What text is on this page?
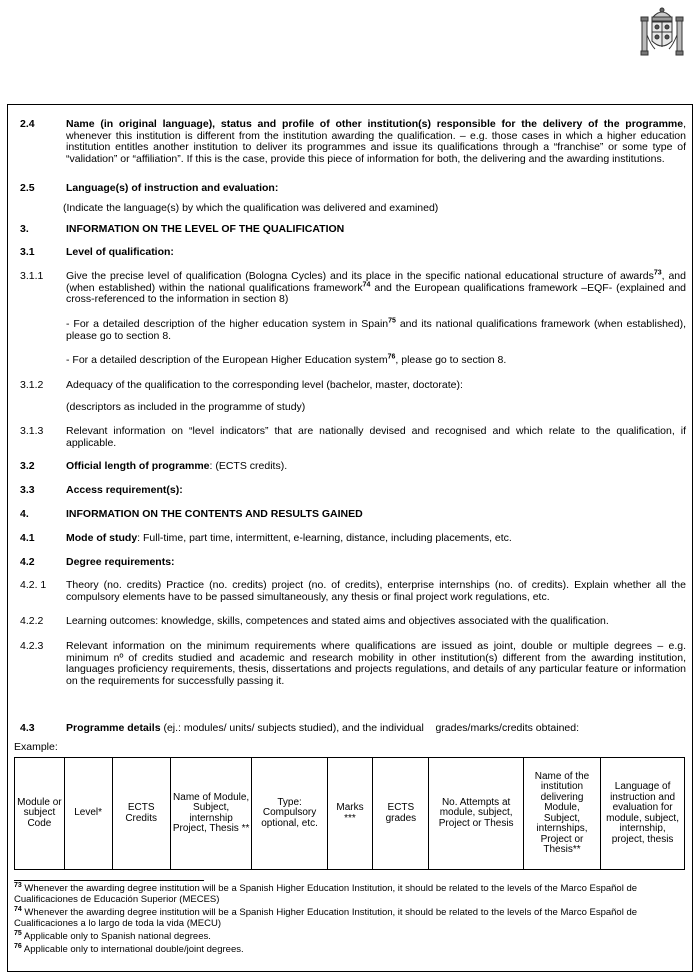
2.4	Name (in original language), status and profile of other institution(s) responsible for the delivery of the programme, whenever this institution is different from the institution awarding the qualification. – e.g. those cases in which a higher education institution entitles another institution to deliver its programmes and issue its qualifications through a “franchise” or some type of “validation” or “affiliation”. If this is the case, provide this piece of information for both, the delivering and the awarding institutions.
2.5	Language(s) of instruction and evaluation:
(Indicate the language(s) by which the qualification was delivered and examined)
3.	INFORMATION ON THE LEVEL OF THE QUALIFICATION
3.1	Level of qualification:
3.1.1	Give the precise level of qualification (Bologna Cycles) and its place in the specific national educational structure of awards$^{73}$, and (when established) within the national qualifications framework$^{74}$ and the European qualifications framework –EQF- (explained and cross-referenced to the information in section 8)
- For a detailed description of the higher education system in Spain$^{75}$ and its national qualifications framework (when established), please go to section 8.
- For a detailed description of the European Higher Education system$^{76}$, please go to section 8.
3.1.2	Adequacy of the qualification to the corresponding level (bachelor, master, doctorate):
(descriptors as included in the programme of study)
3.1.3	Relevant information on “level indicators” that are nationally devised and recognised and which relate to the qualification, if applicable.
3.2	Official length of programme: (ECTS credits).
3.3	Access requirement(s):
4.	INFORMATION ON THE CONTENTS AND RESULTS GAINED
4.1	Mode of study: Full-time, part time, intermittent, e-learning, distance, including placements, etc.
4.2	Degree requirements:
4.2. 1	Theory (no. credits) Practice (no. credits) project (no. of credits), enterprise internships (no. of credits). Explain whether all the compulsory elements have to be passed simultaneously, any thesis or final project work regulations, etc.
4.2.2	Learning outcomes: knowledge, skills, competences and stated aims and objectives associated with the qualification.
4.2.3	Relevant information on the minimum requirements where qualifications are issued as joint, double or multiple degrees – e.g. minimum nº of credits studied and academic and research mobility in other institution(s) different from the awarding institution, languages proficiency requirements, thesis, dissertations and projects regulations, and details of any particular feature or information on the requirements for successfully passing it.
4.3	Programme details (ej.: modules/ units/ subjects studied), and the individual    grades/marks/credits obtained:
Example:
Module or subject Code	Level*	ECTS Credits	Name of Module, Subject, internship Project, Thesis **	Type: Compulsory optional, etc.	Marks ***	ECTS grades	No. Attempts at module, subject, Project or Thesis	Name of the institution delivering Module, Subject, internships, Project or Thesis**	Language of instruction and evaluation for module, subject, internship, project, thesis
$^{73}$ Whenever the awarding degree institution will be a Spanish Higher Education Institution, it should be related to the levels of the Marco Español de Cualificaciones de Educación Superior (MECES)
$^{74}$ Whenever the awarding degree institution will be a Spanish Higher Education Institution, it should be related to the levels of the Marco Español de Cualificaciones a lo largo de toda la vida (MECU)
$^{75}$ Applicable only to Spanish national degrees.
$^{76}$ Applicable only to international double/joint degrees.
